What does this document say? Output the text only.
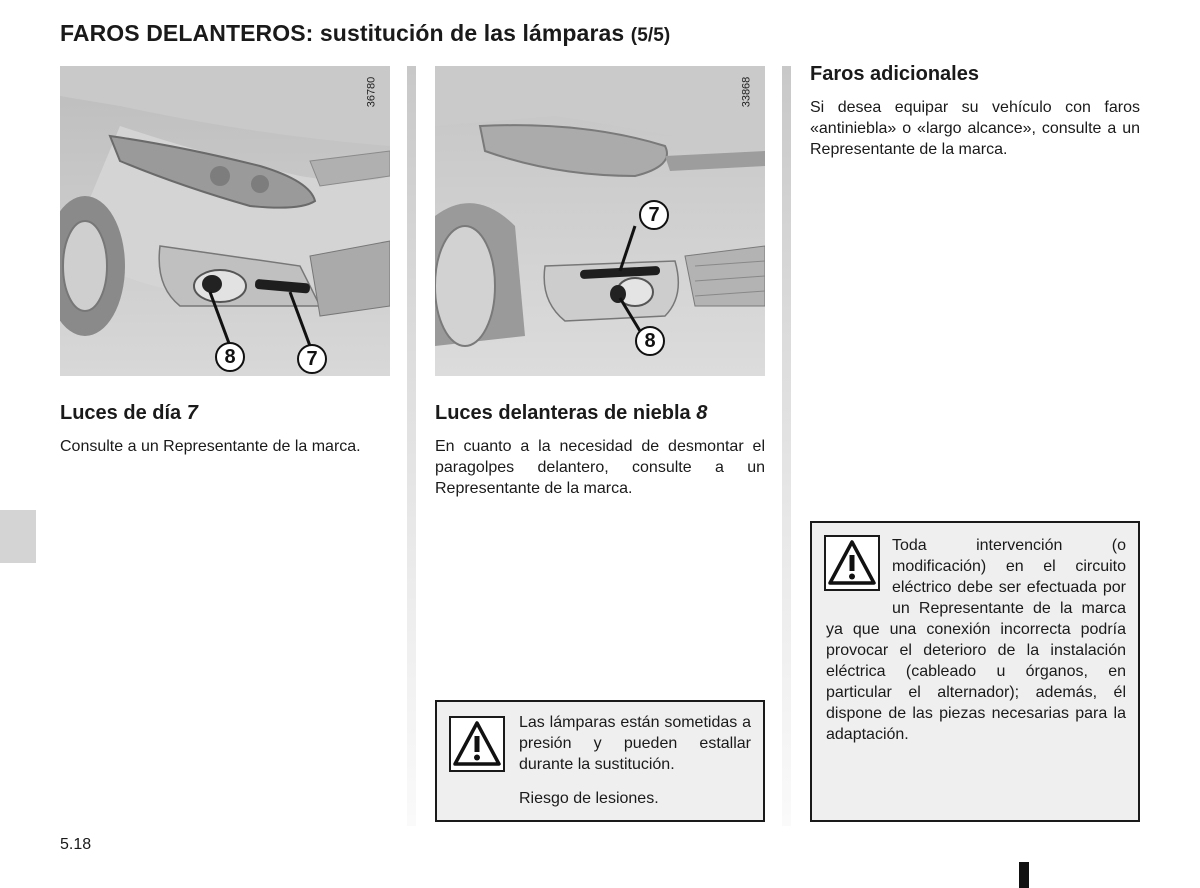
FAROS DELANTEROS: sustitución de las lámparas (5/5)
36780
8	7
33868
7
8
Luces de día 7
Consulte a un Representante de la marca.
Luces delanteras de niebla 8
En cuanto a la necesidad de desmontar el paragolpes delantero, consulte a un Representante de la marca.
Faros adicionales
Si desea equipar su vehículo con faros «antiniebla» o «largo alcance», consulte a un Representante de la marca.
Las lámparas están sometidas a presión y pueden estallar durante la sustitución.
Riesgo de lesiones.
Toda intervención (o modificación) en el circuito eléctrico debe ser efectuada por un Representante de la marca ya que una conexión incorrecta podría provocar el deterioro de la instalación eléctrica (cableado u órganos, en particular el alternador); además, él dispone de las piezas necesarias para la adaptación.
5.18
